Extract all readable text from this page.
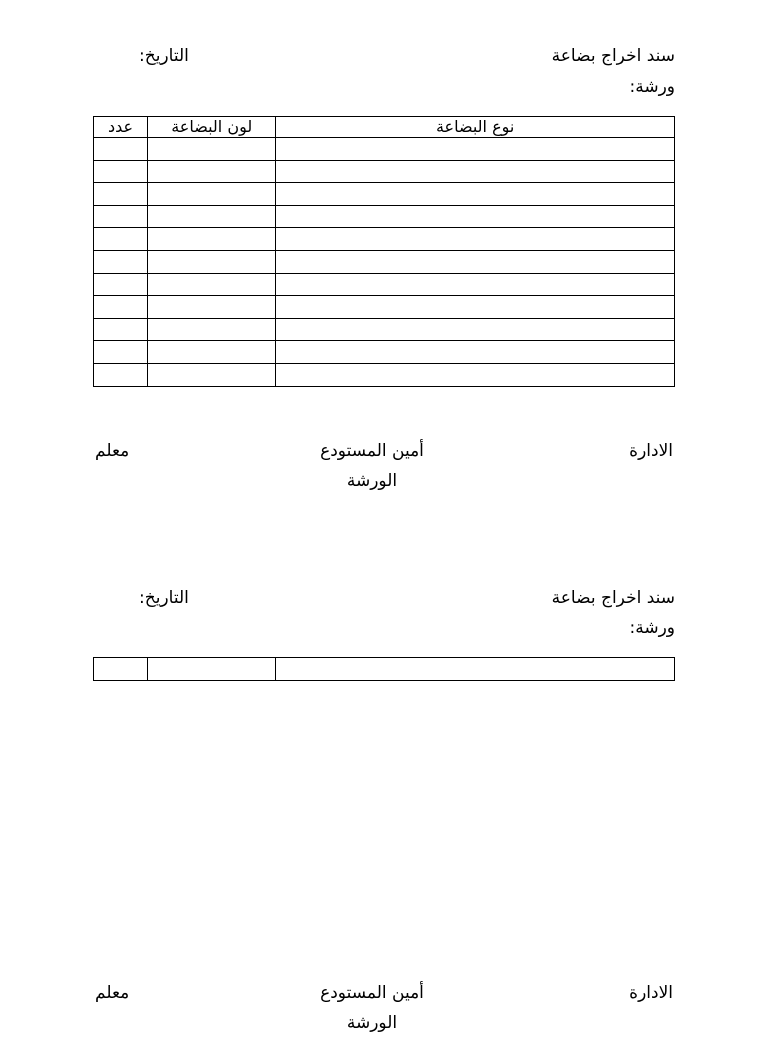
سند اخراج بضاعة
التاريخ:
ورشة:
نوع البضاعة	لون البضاعة	عدد

الادارة
أمين المستودع الورشة
معلم
سند اخراج بضاعة
التاريخ:
ورشة:

الادارة
أمين المستودع الورشة
معلم
